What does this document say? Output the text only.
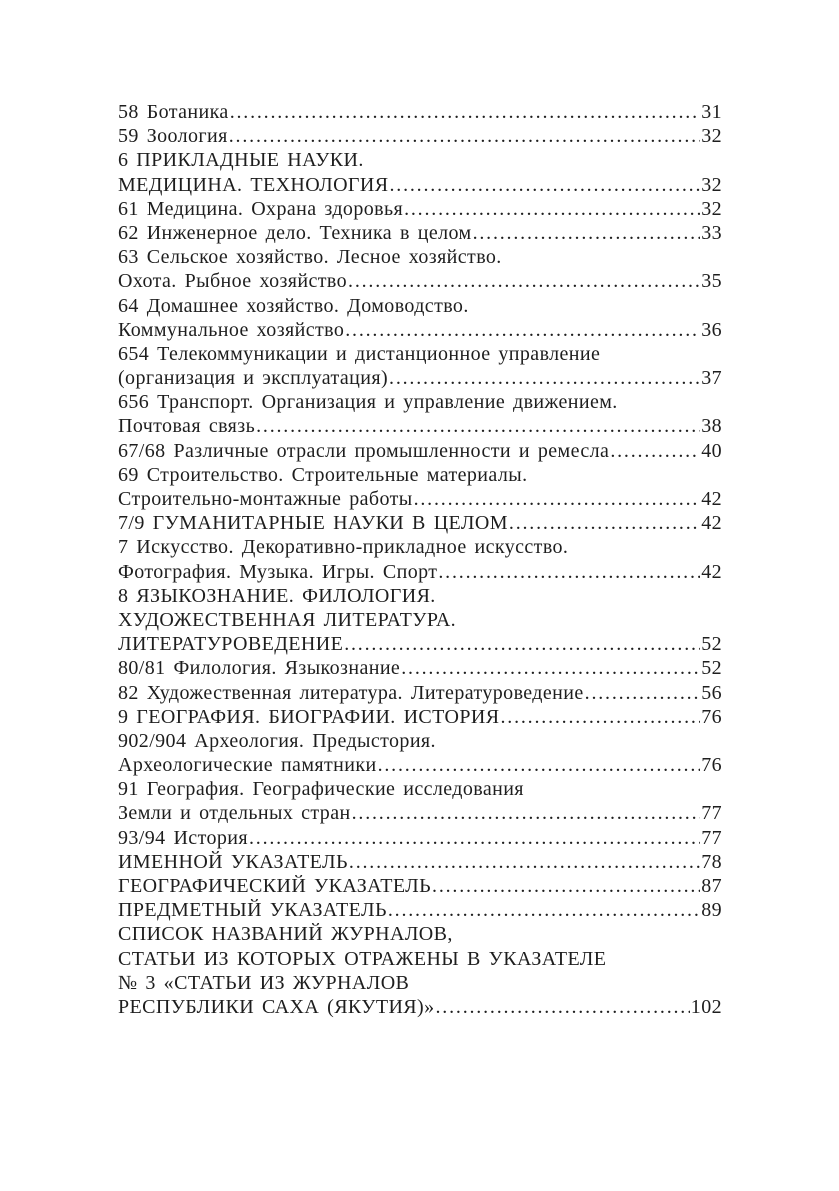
58 Ботаника .....	31
59 Зоология .....	32
6 ПРИКЛАДНЫЕ НАУКИ.
МЕДИЦИНА. ТЕХНОЛОГИЯ .....	32
61 Медицина. Охрана здоровья .....	32
62 Инженерное дело. Техника в целом .....	33
63 Сельское хозяйство. Лесное хозяйство.
Охота. Рыбное хозяйство .....	35
64 Домашнее хозяйство. Домоводство.
Коммунальное хозяйство .....	36
654 Телекоммуникации и дистанционное управление
(организация и эксплуатация) .....	37
656 Транспорт. Организация и управление движением.
Почтовая связь .....	38
67/68 Различные отрасли промышленности и ремесла .....	40
69 Строительство. Строительные материалы.
Строительно-монтажные работы .....	42
7/9 ГУМАНИТАРНЫЕ НАУКИ В ЦЕЛОМ .....	42
7 Искусство. Декоративно-прикладное искусство.
Фотография. Музыка. Игры. Спорт .....	42
8 ЯЗЫКОЗНАНИЕ. ФИЛОЛОГИЯ.
ХУДОЖЕСТВЕННАЯ ЛИТЕРАТУРА.
ЛИТЕРАТУРОВЕДЕНИЕ .....	52
80/81 Филология. Языкознание .....	52
82 Художественная литература. Литературоведение .....	56
9 ГЕОГРАФИЯ. БИОГРАФИИ. ИСТОРИЯ .....	76
902/904 Археология. Предыстория.
Археологические памятники .....	76
91 География. Географические исследования
Земли и отдельных стран .....	77
93/94 История .....	77
ИМЕННОЙ УКАЗАТЕЛЬ .....	78
ГЕОГРАФИЧЕСКИЙ УКАЗАТЕЛЬ .....	87
ПРЕДМЕТНЫЙ УКАЗАТЕЛЬ .....	89
СПИСОК НАЗВАНИЙ ЖУРНАЛОВ,
СТАТЬИ ИЗ КОТОРЫХ ОТРАЖЕНЫ В УКАЗАТЕЛЕ
№ 3 «СТАТЬИ ИЗ ЖУРНАЛОВ
РЕСПУБЛИКИ САХА (ЯКУТИЯ)» .....	102
